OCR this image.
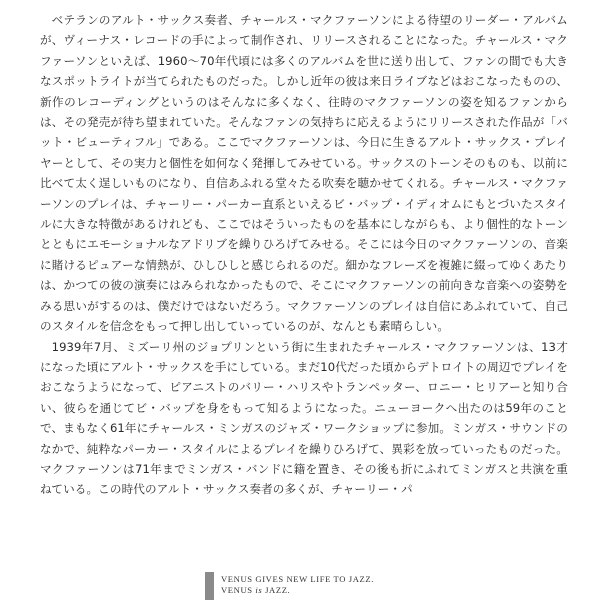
ベテランのアルト・サックス奏者、チャールス・マクファーソンによる待望のリーダー・アルバムが、ヴィーナス・レコードの手によって制作され、リリースされることになった。チャールス・マクファーソンといえば、1960〜70年代頃には多くのアルバムを世に送り出して、ファンの間でも大きなスポットライトが当てられたものだった。しかし近年の彼は来日ライブなどはおこなったものの、新作のレコーディングというのはそんなに多くなく、往時のマクファーソンの姿を知るファンからは、その発売が待ち望まれていた。そんなファンの気持ちに応えるようにリリースされた作品が「バット・ビューティフル」である。ここでマクファーソンは、今日に生きるアルト・サックス・プレイヤーとして、その実力と個性を如何なく発揮してみせている。サックスのトーンそのものも、以前に比べて太く逞しいものになり、自信あふれる堂々たる吹奏を聴かせてくれる。チャールス・マクファーソンのプレイは、チャーリー・パーカー直系といえるビ・バップ・イディオムにもとづいたスタイルに大きな特徴があるけれども、ここではそういったものを基本にしながらも、より個性的なトーンとともにエモーショナルなアドリブを繰りひろげてみせる。そこには今日のマクファーソンの、音楽に賭けるピュアーな情熱が、ひしひしと感じられるのだ。細かなフレーズを複雑に綴ってゆくあたりは、かつての彼の演奏にはみられなかったもので、そこにマクファーソンの前向きな音楽への姿勢をみる思いがするのは、僕だけではないだろう。マクファーソンのプレイは自信にあふれていて、自己のスタイルを信念をもって押し出していっているのが、なんとも素晴らしい。

1939年7月、ミズーリ州のジョプリンという街に生まれたチャールス・マクファーソンは、13才になった頃にアルト・サックスを手にしている。まだ10代だった頃からデトロイトの周辺でプレイをおこなうようになって、ピアニストのバリー・ハリスやトランペッター、ロニー・ヒリアーと知り合い、彼らを通じてビ・バップを身をもって知るようになった。ニューヨークへ出たのは59年のことで、まもなく61年にチャールス・ミンガスのジャズ・ワークショップに参加。ミンガス・サウンドのなかで、純粋なパーカー・スタイルによるプレイを繰りひろげて、異彩を放っていったものだった。マクファーソンは71年までミンガス・バンドに籍を置き、その後も折にふれてミンガスと共演を重ねている。この時代のアルト・サックス奏者の多くが、チャーリー・パ

VENUS GIVES NEW LIFE TO JAZZ.
VENUS is JAZZ.
